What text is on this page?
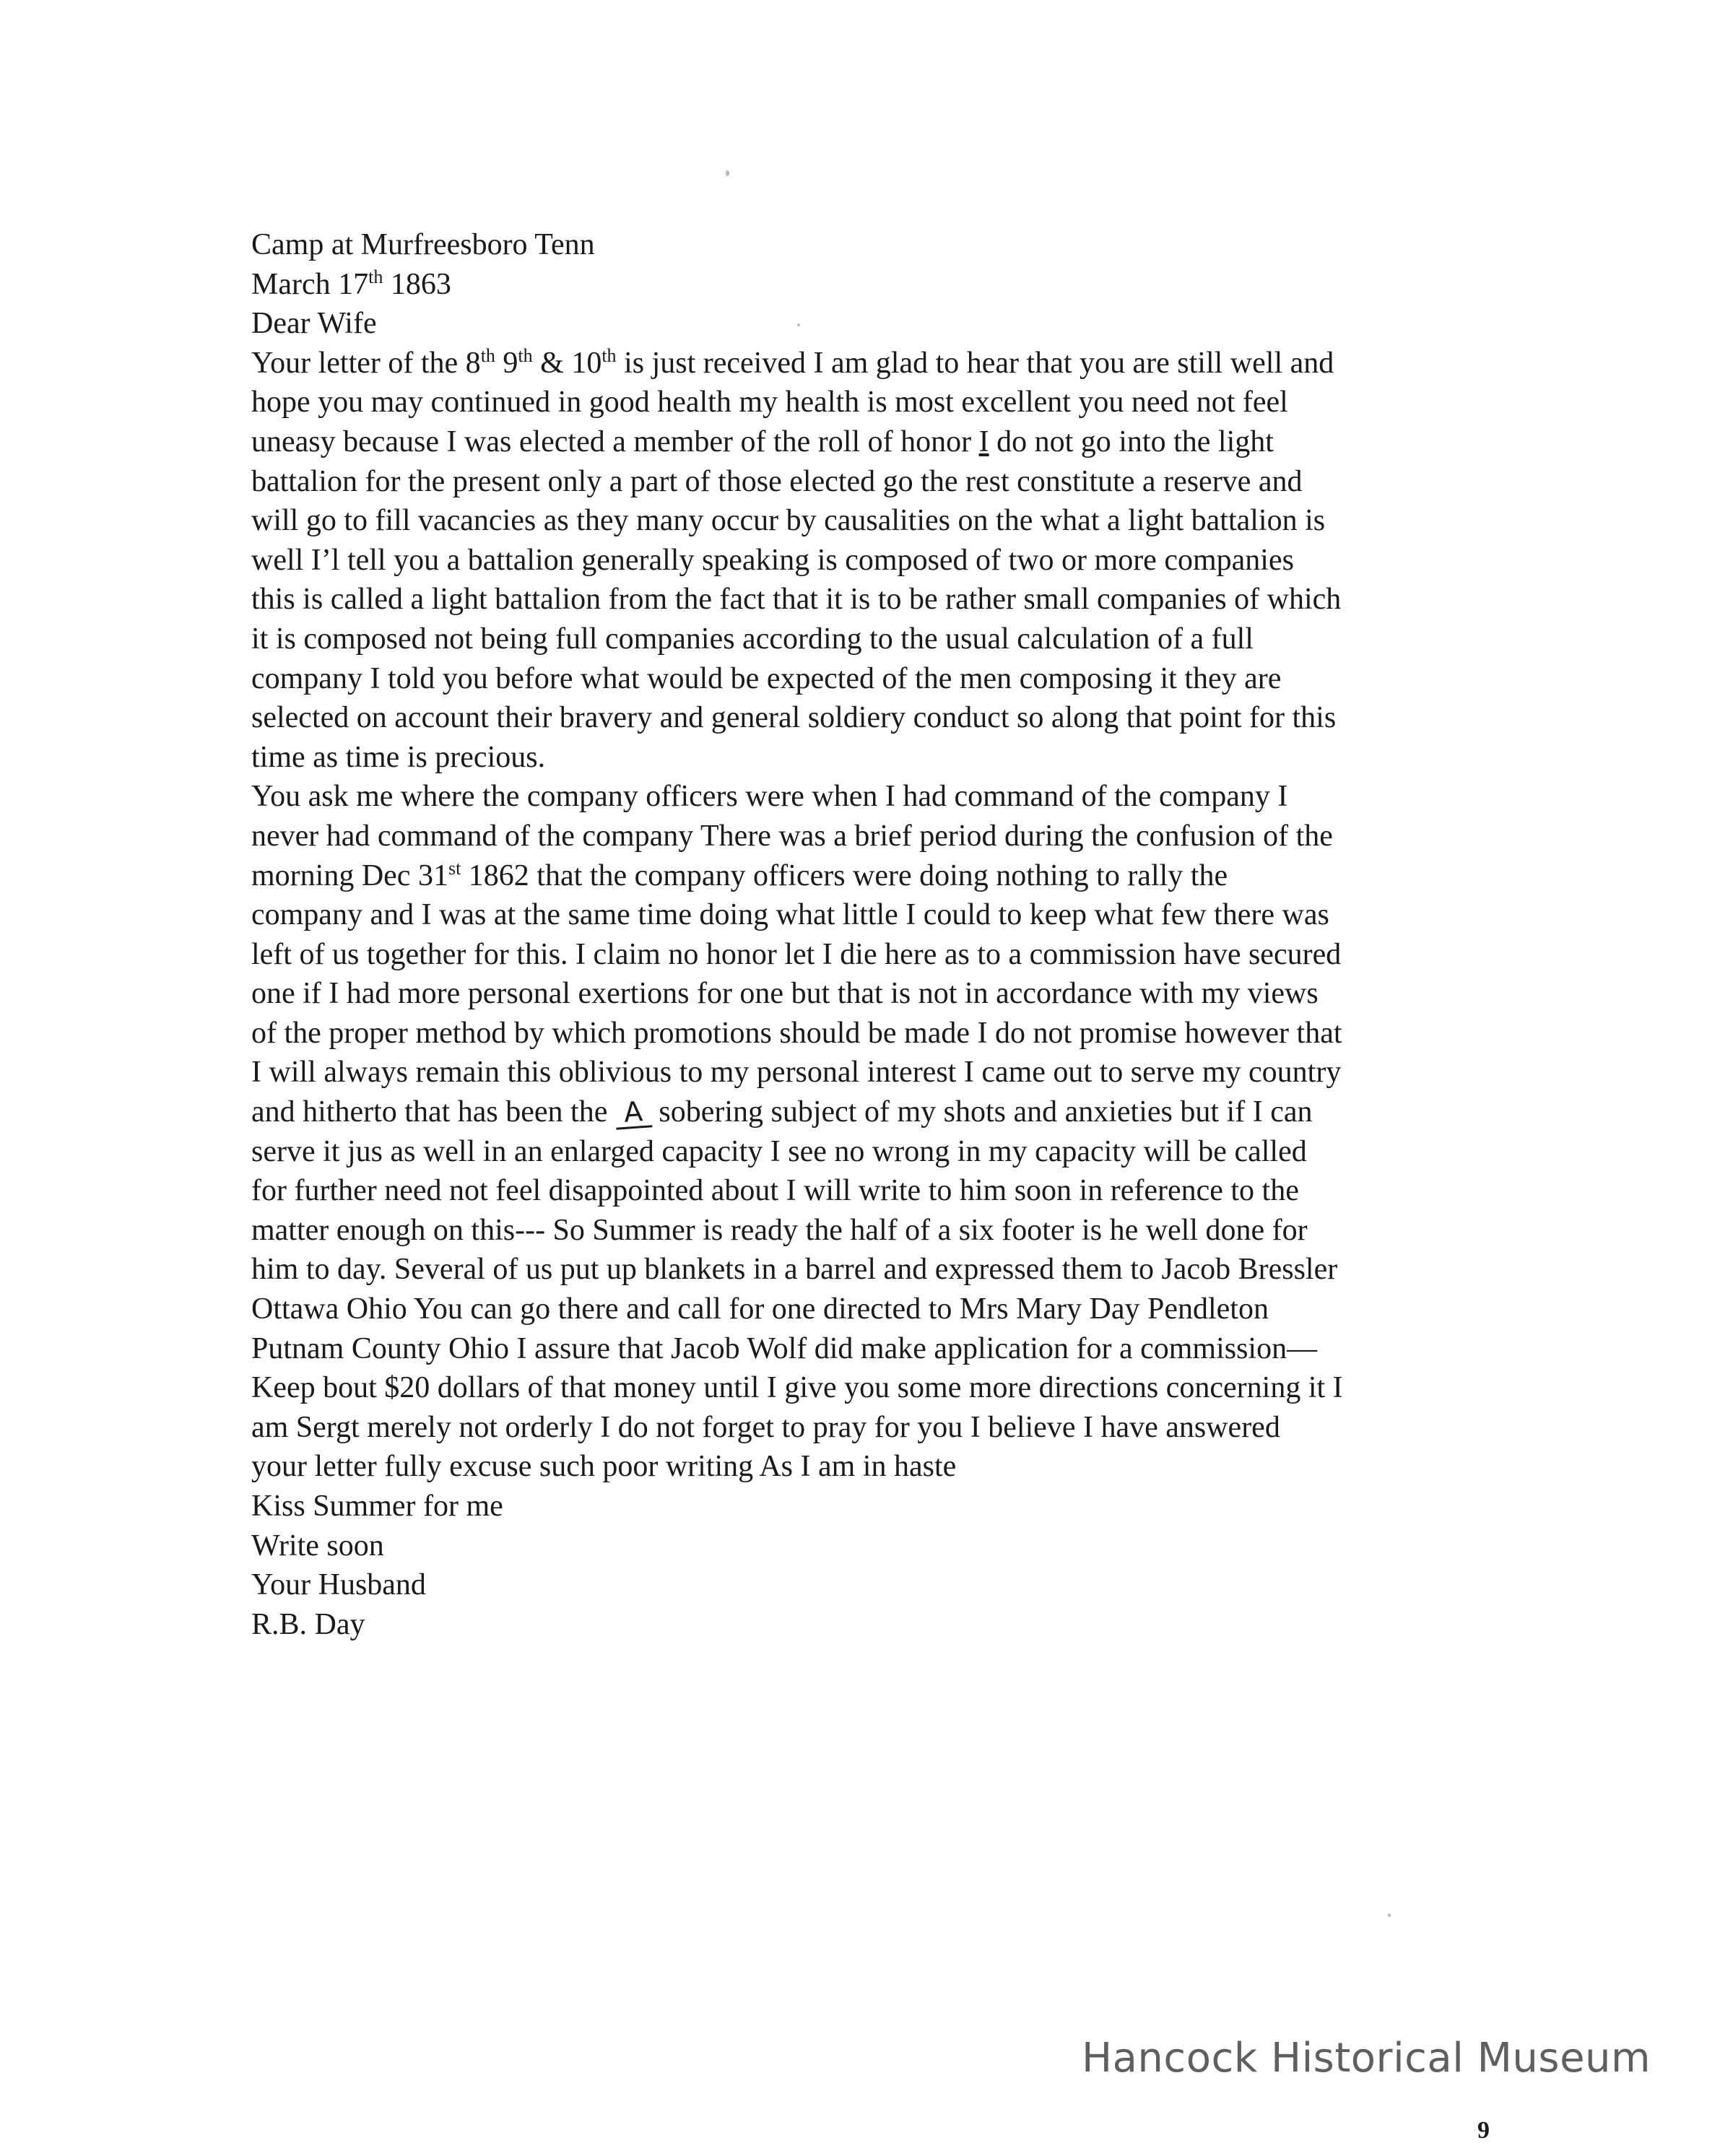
Camp at Murfreesboro Tenn
March 17th 1863
Dear Wife
Your letter of the 8th 9th & 10th is just received I am glad to hear that you are still well and
hope you may continued in good health my health is most excellent you need not feel
uneasy because I was elected a member of the roll of honor I do not go into the light
battalion for the present only a part of those elected go the rest constitute a reserve and
will go to fill vacancies as they many occur by causalities on the what a light battalion is
well I’l tell you a battalion generally speaking is composed of two or more companies
this is called a light battalion from the fact that it is to be rather small companies of which
it is composed not being full companies according to the usual calculation of a full
company I told you before what would be expected of the men composing it they are
selected on account their bravery and general soldiery conduct so along that point for this
time as time is precious.
You ask me where the company officers were when I had command of the company I
never had command of the company There was a brief period during the confusion of the
morning Dec 31st 1862 that the company officers were doing nothing to rally the
company and I was at the same time doing what little I could to keep what few there was
left of us together for this. I claim no honor let I die here as to a commission have secured
one if I had more personal exertions for one but that is not in accordance with my views
of the proper method by which promotions should be made I do not promise however that
I will always remain this oblivious to my personal interest I came out to serve my country
and hitherto that has been the A sobering subject of my shots and anxieties but if I can
serve it jus as well in an enlarged capacity I see no wrong in my capacity will be called
for further need not feel disappointed about I will write to him soon in reference to the
matter enough on this--- So Summer is ready the half of a six footer is he well done for
him to day. Several of us put up blankets in a barrel and expressed them to Jacob Bressler
Ottawa Ohio You can go there and call for one directed to Mrs Mary Day Pendleton
Putnam County Ohio I assure that Jacob Wolf did make application for a commission—
Keep bout $20 dollars of that money until I give you some more directions concerning it I
am Sergt merely not orderly I do not forget to pray for you I believe I have answered
your letter fully excuse such poor writing As I am in haste
Kiss Summer for me
Write soon
Your Husband
R.B. Day
Hancock Historical Museum
9
